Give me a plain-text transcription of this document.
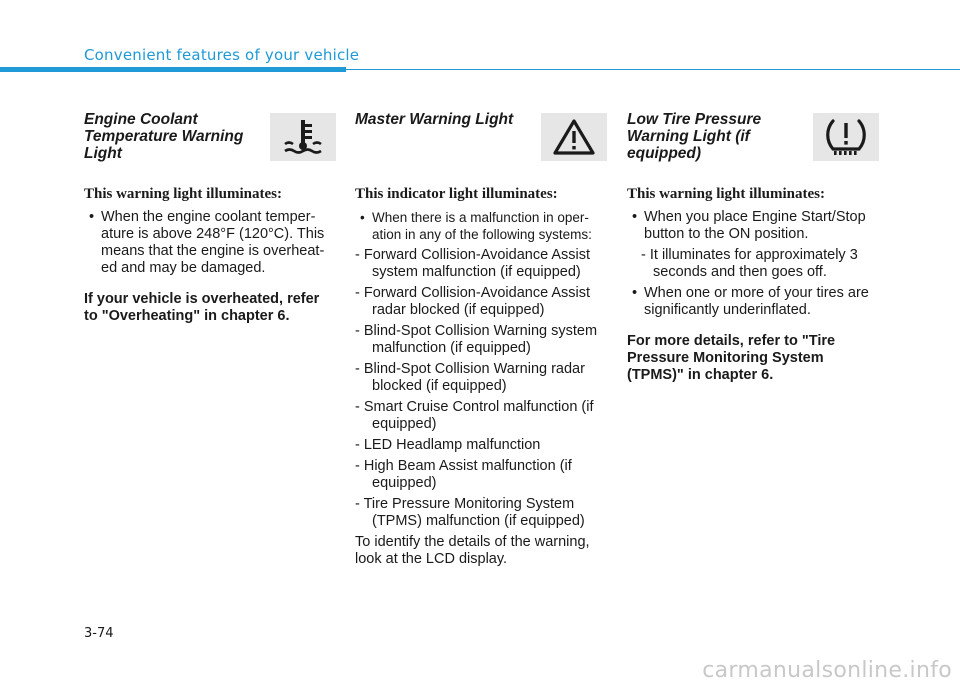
Convenient features of your vehicle
Engine Coolant Temperature Warning Light
This warning light illuminates:

• When the engine coolant temper-ature is above 248°F (120°C). This means that the engine is overheat-ed and may be damaged.

If your vehicle is overheated, refer to "Overheating" in chapter 6.

Master Warning Light
This indicator light illuminates:

• When there is a malfunction in oper-ation in any of the following systems:

- Forward Collision-Avoidance Assist system malfunction (if equipped)

- Forward Collision-Avoidance Assist radar blocked (if equipped)

- Blind-Spot Collision Warning system malfunction (if equipped)

- Blind-Spot Collision Warning radar blocked (if equipped)

- Smart Cruise Control malfunction (if equipped)

- LED Headlamp malfunction

- High Beam Assist malfunction (if equipped)

- Tire Pressure Monitoring System (TPMS) malfunction (if equipped)

To identify the details of the warning, look at the LCD display.

Low Tire Pressure Warning Light (if equipped)
This warning light illuminates:

• When you place Engine Start/Stop button to the ON position.

- It illuminates for approximately 3 seconds and then goes off.

• When one or more of your tires are significantly underinflated.

For more details, refer to "Tire Pressure Monitoring System (TPMS)" in chapter 6.

3-74
carmanualsonline.info
